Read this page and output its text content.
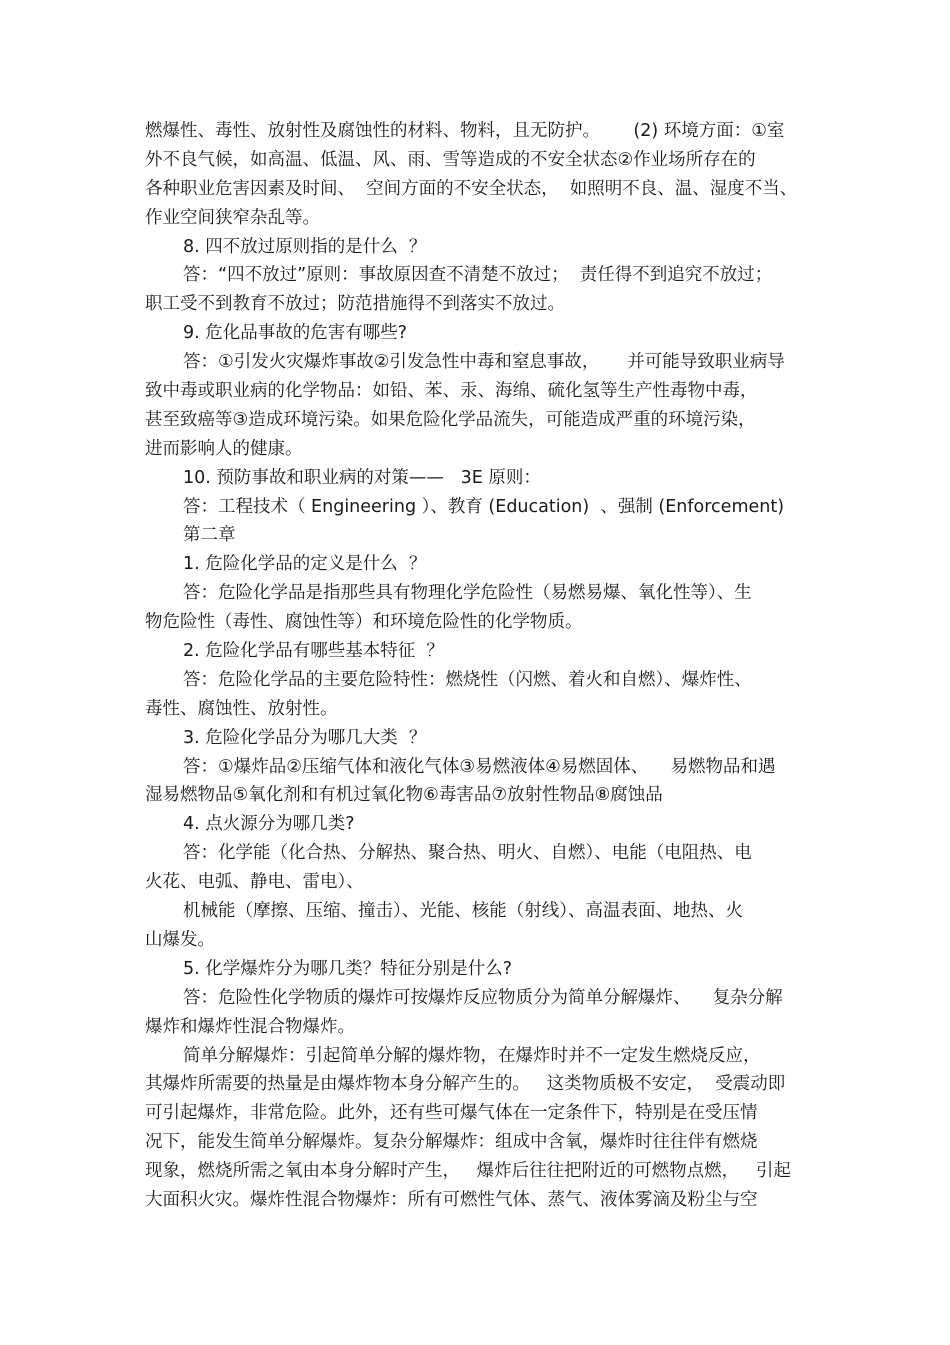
燃爆性、毒性、放射性及腐蚀性的材料、物料，且无防护。      (2) 环境方面：①室
外不良气候，如高温、低温、风、雨、雪等造成的不安全状态②作业场所存在的
各种职业危害因素及时间、  空间方面的不安全状态，  如照明不良、温、湿度不当、
作业空间狭窄杂乱等。
8. 四不放过原则指的是什么  ？
答：“四不放过”原则：事故原因查不清楚不放过；  责任得不到追究不放过；
职工受不到教育不放过；防范措施得不到落实不放过。
9. 危化品事故的危害有哪些?
答：①引发火灾爆炸事故②引发急性中毒和窒息事故，     并可能导致职业病导
致中毒或职业病的化学物品：如铅、苯、汞、海绵、硫化氢等生产性毒物中毒，
甚至致癌等③造成环境污染。如果危险化学品流失，可能造成严重的环境污染，
进而影响人的健康。
10. 预防事故和职业病的对策——   3E 原则：
答：工程技术（ Engineering ）、教育 (Education)  、强制 (Enforcement)
第二章
1. 危险化学品的定义是什么  ？
答：危险化学品是指那些具有物理化学危险性（易燃易爆、氧化性等）、生
物危险性（毒性、腐蚀性等）和环境危险性的化学物质。
2. 危险化学品有哪些基本特征  ？
答：危险化学品的主要危险特性：燃烧性（闪燃、着火和自燃）、爆炸性、
毒性、腐蚀性、放射性。
3. 危险化学品分为哪几大类  ？
答：①爆炸品②压缩气体和液化气体③易燃液体④易燃固体、    易燃物品和遇
湿易燃物品⑤氧化剂和有机过氧化物⑥毒害品⑦放射性物品⑧腐蚀品
4. 点火源分为哪几类?
答：化学能（化合热、分解热、聚合热、明火、自燃）、电能（电阻热、电
火花、电弧、静电、雷电）、
机械能（摩擦、压缩、撞击）、光能、核能（射线）、高温表面、地热、火
山爆发。
5. 化学爆炸分为哪几类？特征分别是什么?
答：危险性化学物质的爆炸可按爆炸反应物质分为简单分解爆炸、    复杂分解
爆炸和爆炸性混合物爆炸。
简单分解爆炸：引起简单分解的爆炸物，在爆炸时并不一定发生燃烧反应，
其爆炸所需要的热量是由爆炸物本身分解产生的。   这类物质极不安定，  受震动即
可引起爆炸，非常危险。此外，还有些可爆气体在一定条件下，特别是在受压情
况下，能发生简单分解爆炸。复杂分解爆炸：组成中含氧，爆炸时往往伴有燃烧
现象，燃烧所需之氧由本身分解时产生，   爆炸后往往把附近的可燃物点燃，   引起
大面积火灾。爆炸性混合物爆炸：所有可燃性气体、蒸气、液体雾滴及粉尘与空
